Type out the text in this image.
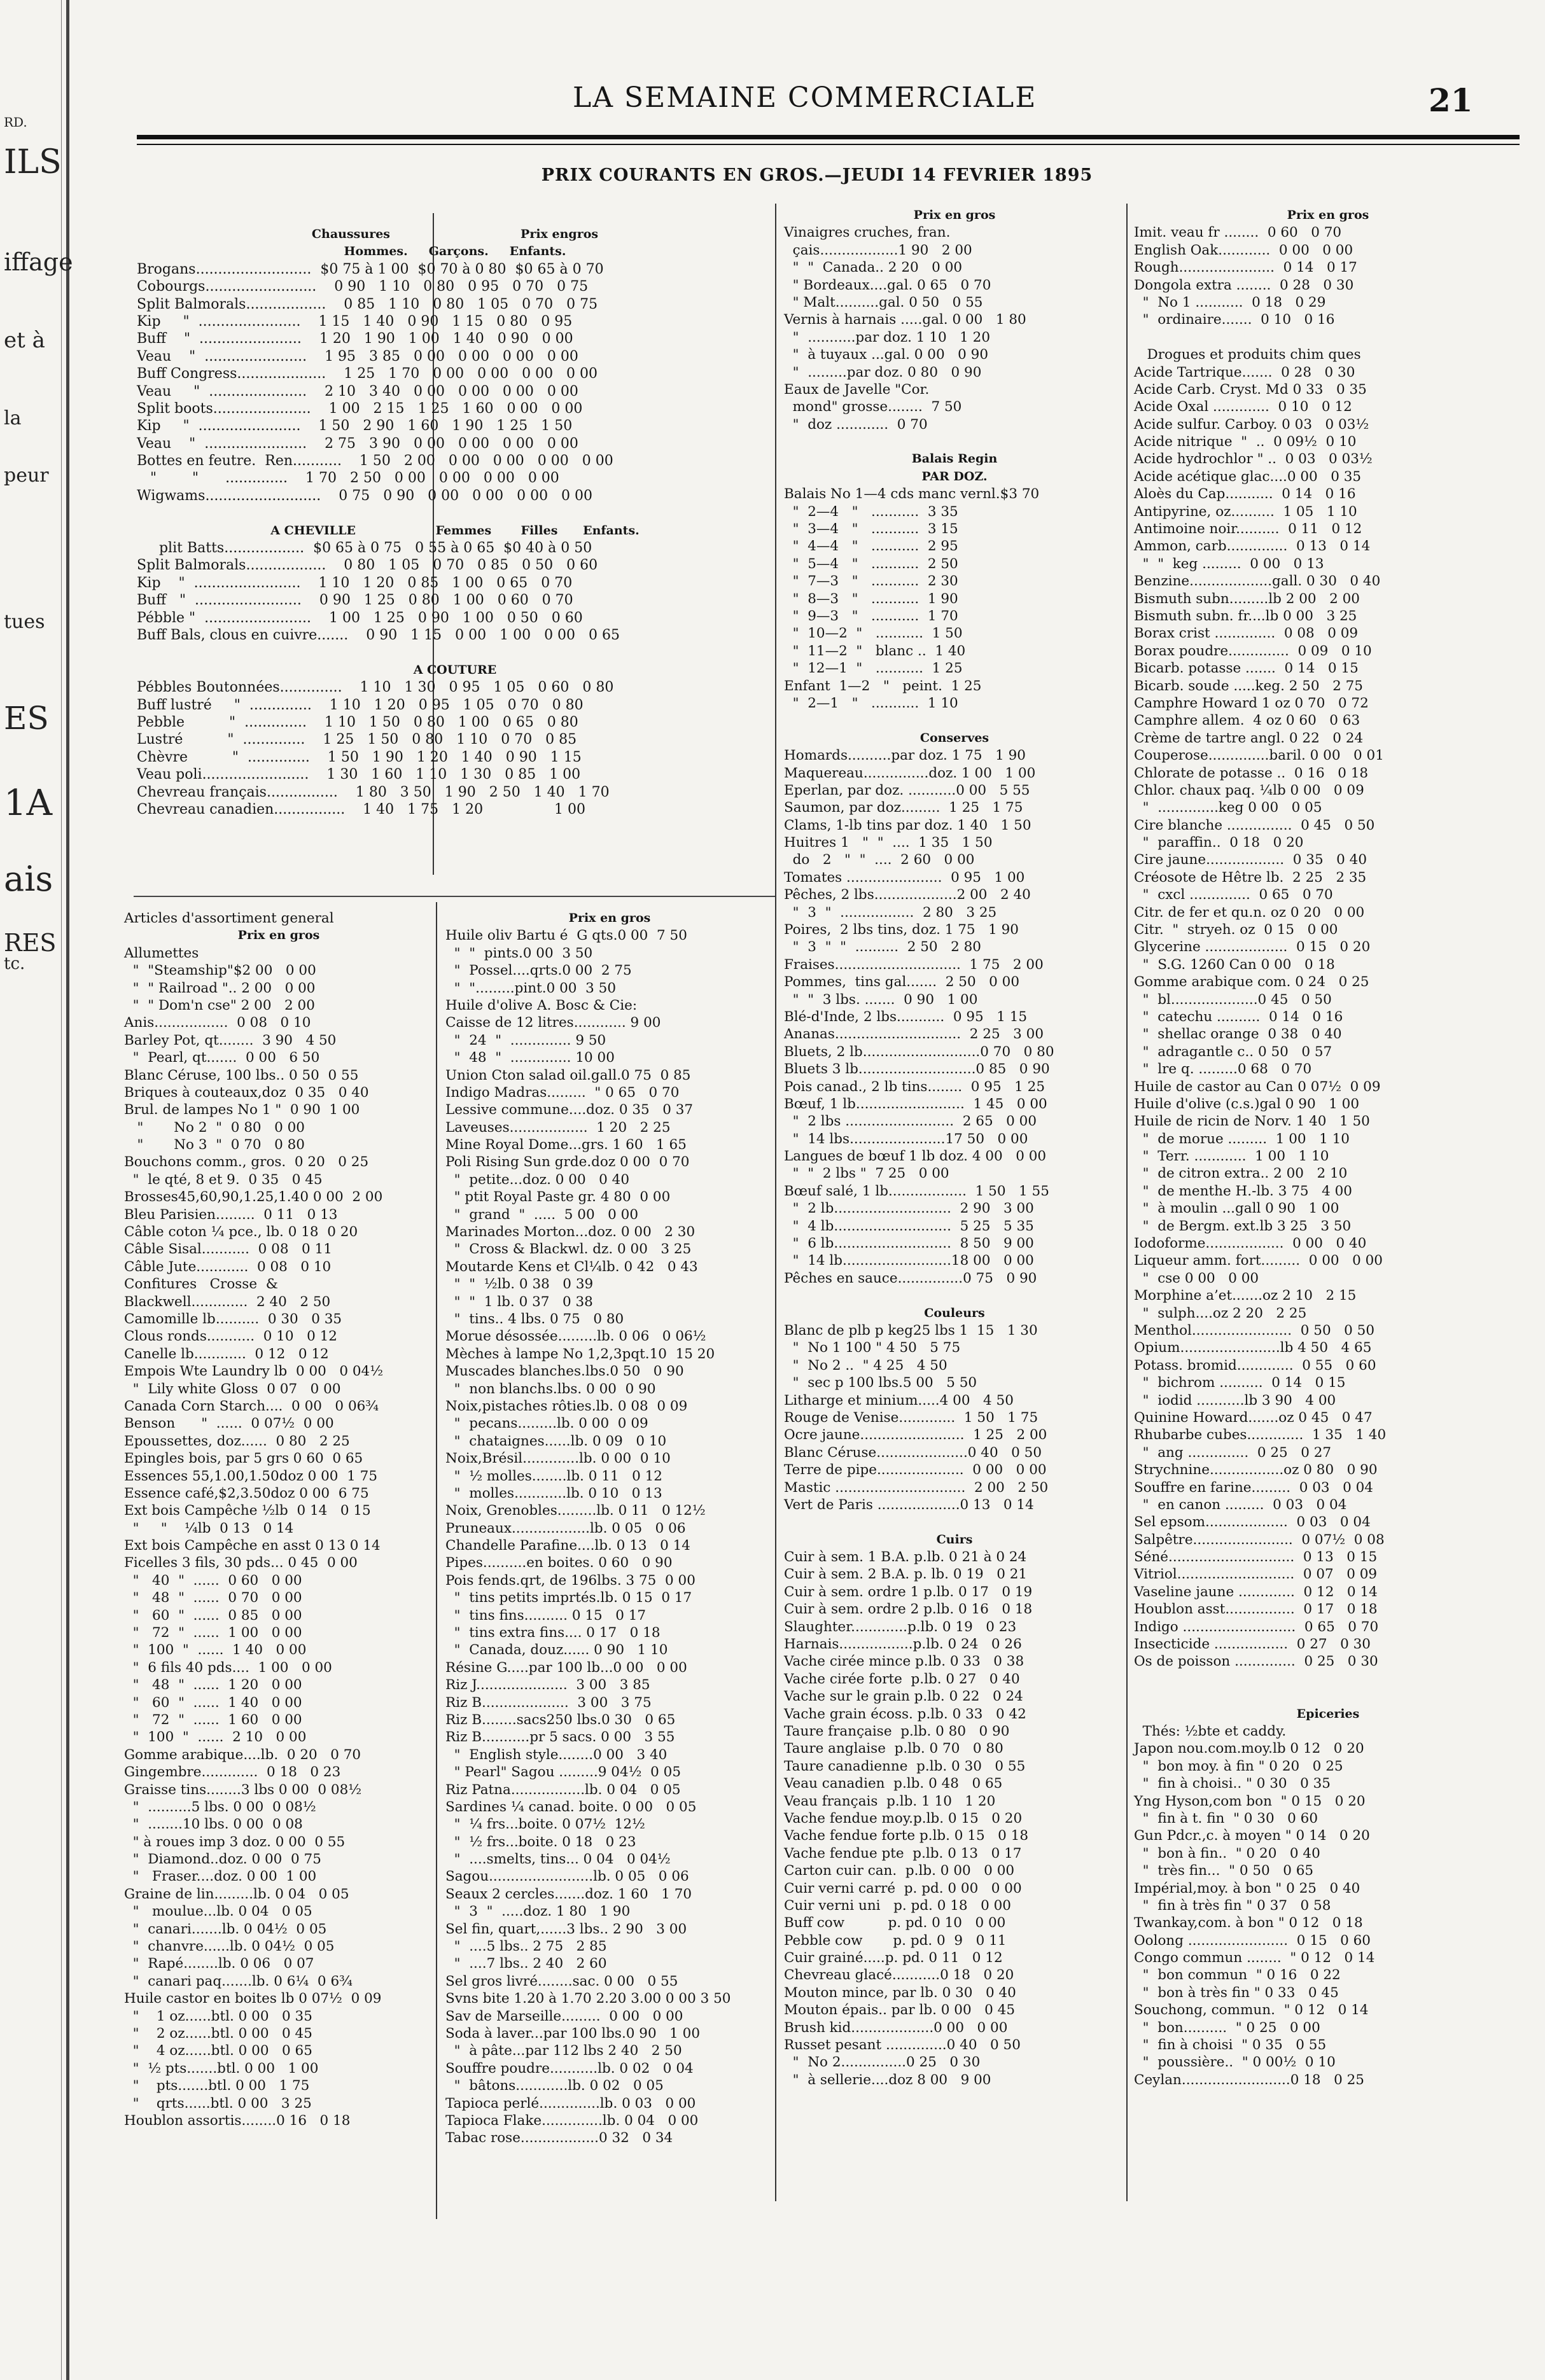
RD.
ILS
iffage
et à
la
peur
tues
ES
1A
ais
RES
tc.
LA SEMAINE COMMERCIALE	21
PRIX COURANTS EN GROS.—JEUDI 14 FEVRIER 1895
Chaussures                               Prix engros
Hommes.     Garçons.     Enfants.
Brogans..........................  $0 75 à 1 00  $0 70 à 0 80  $0 65 à 0 70
Cobourgs.........................    0 90   1 10   0 80   0 95   0 70   0 75
Split Balmorals..................    0 85   1 10   0 80   1 05   0 70   0 75
Kip     "  .......................    1 15   1 40   0 90   1 15   0 80   0 95
Buff    "  .......................    1 20   1 90   1 00   1 40   0 90   0 00
Veau    "  .......................    1 95   3 85   0 00   0 00   0 00   0 00
Buff Congress....................    1 25   1 70   0 00   0 00   0 00   0 00
Veau     "  ......................    2 10   3 40   0 00   0 00   0 00   0 00
Split boots......................    1 00   2 15   1 25   1 60   0 00   0 00
Kip     "  .......................    1 50   2 90   1 60   1 90   1 25   1 50
Veau    "  .......................    2 75   3 90   0 00   0 00   0 00   0 00
Bottes en feutre.  Ren...........    1 50   2 00   0 00   0 00   0 00   0 00
"        "      ..............    1 70   2 50   0 00   0 00   0 00   0 00
Wigwams..........................    0 75   0 90   0 00   0 00   0 00   0 00
A CHEVILLE                   Femmes       Filles      Enfants.
plit Batts..................  $0 65 à 0 75   0 55 à 0 65  $0 40 à 0 50
Split Balmorals..................    0 80   1 05   0 70   0 85   0 50   0 60
Kip    "  ........................    1 10   1 20   0 85   1 00   0 65   0 70
Buff   "  ........................    0 90   1 25   0 80   1 00   0 60   0 70
Pébble "  ........................    1 00   1 25   0 90   1 00   0 50   0 60
Buff Bals, clous en cuivre.......    0 90   1 15   0 00   1 00   0 00   0 65
A COUTURE
Pébbles Boutonnées..............    1 10   1 30   0 95   1 05   0 60   0 80
Buff lustré     "  ..............    1 10   1 20   0 95   1 05   0 70   0 80
Pebble          "  ..............    1 10   1 50   0 80   1 00   0 65   0 80
Lustré          "  ..............    1 25   1 50   0 80   1 10   0 70   0 85
Chèvre          "  ..............    1 50   1 90   1 20   1 40   0 90   1 15
Veau poli........................    1 30   1 60   1 10   1 30   0 85   1 00
Chevreau français................    1 80   3 50   1 90   2 50   1 40   1 70
Chevreau canadien................    1 40   1 75   1 20                1 00
Articles d'assortiment general
Prix en gros
Allumettes
"  "Steamship"$2 00   0 00
"  " Railroad ".. 2 00   0 00
"  " Dom'n cse" 2 00   2 00
Anis.................  0 08   0 10
Barley Pot, qt........  3 90   4 50
"  Pearl, qt.......  0 00   6 50
Blanc Céruse, 100 lbs.. 0 50  0 55
Briques à couteaux,doz  0 35   0 40
Brul. de lampes No 1 "  0 90  1 00
"       No 2  "  0 80   0 00
"       No 3  "  0 70   0 80
Bouchons comm., gros.  0 20   0 25
"  le qté, 8 et 9.  0 35   0 45
Brosses45,60,90,1.25,1.40 0 00  2 00
Bleu Parisien.........  0 11   0 13
Câble coton ¼ pce., lb. 0 18  0 20
Câble Sisal...........  0 08   0 11
Câble Jute............  0 08   0 10
Confitures   Crosse  &
Blackwell.............  2 40   2 50
Camomille lb..........  0 30   0 35
Clous ronds...........  0 10   0 12
Canelle lb............  0 12   0 12
Empois Wte Laundry lb  0 00   0 04½
"  Lily white Gloss  0 07   0 00
Canada Corn Starch....  0 00   0 06¾
Benson      "  ......  0 07½  0 00
Epoussettes, doz......  0 80   2 25
Epingles bois, par 5 grs 0 60  0 65
Essences 55,1.00,1.50doz 0 00  1 75
Essence café,$2,3.50doz 0 00  6 75
Ext bois Campêche ½lb  0 14   0 15
"     "    ¼lb  0 13   0 14
Ext bois Campêche en asst 0 13 0 14
Ficelles 3 fils, 30 pds... 0 45  0 00
"   40  "  ......  0 60   0 00
"   48  "  ......  0 70   0 00
"   60  "  ......  0 85   0 00
"   72  "  ......  1 00   0 00
"  100  "  ......  1 40   0 00
"  6 fils 40 pds....  1 00   0 00
"   48  "  ......  1 20   0 00
"   60  "  ......  1 40   0 00
"   72  "  ......  1 60   0 00
"  100  "  ......  2 10   0 00
Gomme arabique....lb.  0 20   0 70
Gingembre.............  0 18   0 23
Graisse tins........3 lbs 0 00  0 08½
"  ..........5 lbs. 0 00  0 08½
"  ........10 lbs. 0 00  0 08
" à roues imp 3 doz. 0 00  0 55
"  Diamond..doz. 0 00  0 75
"   Fraser....doz. 0 00  1 00
Graine de lin.........lb. 0 04   0 05
"   moulue...lb. 0 04   0 05
"  canari.......lb. 0 04½  0 05
"  chanvre......lb. 0 04½  0 05
"  Rapé........lb. 0 06   0 07
"  canari paq.......lb. 0 6¼  0 6¾
Huile castor en boites lb 0 07½  0 09
"    1 oz......btl. 0 00   0 35
"    2 oz......btl. 0 00   0 45
"    4 oz......btl. 0 00   0 65
"  ½ pts.......btl. 0 00   1 00
"    pts.......btl. 0 00   1 75
"    qrts......btl. 0 00   3 25
Houblon assortis........0 16   0 18
Prix en gros
Huile oliv Bartu é  G qts.0 00  7 50
"  "  pints.0 00  3 50
"  Possel....qrts.0 00  2 75
"  ".........pint.0 00  3 50
Huile d'olive A. Bosc & Cie:
Caisse de 12 litres............ 9 00
"  24  "  .............. 9 50
"  48  "  .............. 10 00
Union Cton salad oil.gall.0 75  0 85
Indigo Madras.........  " 0 65   0 70
Lessive commune....doz. 0 35   0 37
Laveuses..................  1 20   2 25
Mine Royal Dome...grs. 1 60   1 65
Poli Rising Sun grde.doz 0 00  0 70
"  petite...doz. 0 00   0 40
" ptit Royal Paste gr. 4 80  0 00
"  grand  "  .....  5 00   0 00
Marinades Morton...doz. 0 00   2 30
"  Cross & Blackwl. dz. 0 00   3 25
Moutarde Kens et Cl¼lb. 0 42   0 43
"  "  ½lb. 0 38   0 39
"  "  1 lb. 0 37   0 38
"  tins.. 4 lbs. 0 75   0 80
Morue désossée.........lb. 0 06   0 06½
Mèches à lampe No 1,2,3pqt.10  15 20
Muscades blanches.lbs.0 50   0 90
"  non blanchs.lbs. 0 00  0 90
Noix,pistaches rôties.lb. 0 08  0 09
"  pecans.........lb. 0 00  0 09
"  chataignes......lb. 0 09   0 10
Noix,Brésil.............lb. 0 00  0 10
"  ½ molles........lb. 0 11   0 12
"  molles............lb. 0 10   0 13
Noix, Grenobles.........lb. 0 11   0 12½
Pruneaux..................lb. 0 05   0 06
Chandelle Parafine....lb. 0 13   0 14
Pipes..........en boites. 0 60   0 90
Pois fends.qrt, de 196lbs. 3 75  0 00
"  tins petits imprtés.lb. 0 15  0 17
"  tins fins.......... 0 15   0 17
"  tins extra fins.... 0 17   0 18
"  Canada, douz...... 0 90   1 10
Résine G.....par 100 lb...0 00   0 00
Riz J.....................  3 00   3 85
Riz B....................  3 00   3 75
Riz B........sacs250 lbs.0 30   0 65
Riz B...........pr 5 sacs. 0 00   3 55
"  English style........0 00   3 40
" Pearl" Sagou .........9 04½  0 05
Riz Patna.................lb. 0 04   0 05
Sardines ¼ canad. boite. 0 00   0 05
"  ¼ frs...boite. 0 07½  12½
"  ½ frs...boite. 0 18   0 23
"  ....smelts, tins... 0 04   0 04½
Sagou........................lb. 0 05   0 06
Seaux 2 cercles.......doz. 1 60   1 70
"  3  "  .....doz. 1 80   1 90
Sel fin, quart,......3 lbs.. 2 90   3 00
"  ....5 lbs.. 2 75   2 85
"  ....7 lbs.. 2 40   2 60
Sel gros livré........sac. 0 00   0 55
Svns bite 1.20 à 1.70 2.20 3.00 0 00 3 50
Sav de Marseille.........  0 00   0 00
Soda à laver...par 100 lbs.0 90   1 00
"  à pâte...par 112 lbs 2 40   2 50
Souffre poudre...........lb. 0 02   0 04
"  bâtons............lb. 0 02   0 05
Tapioca perlé..............lb. 0 03   0 00
Tapioca Flake..............lb. 0 04   0 00
Tabac rose..................0 32   0 34
Prix en gros
Vinaigres cruches, fran.
çais..................1 90   2 00
"  "  Canada.. 2 20   0 00
" Bordeaux....gal. 0 65   0 70
" Malt..........gal. 0 50   0 55
Vernis à harnais .....gal. 0 00   1 80
"  ...........par doz. 1 10   1 20
"  à tuyaux ...gal. 0 00   0 90
"  .........par doz. 0 80   0 90
Eaux de Javelle "Cor.
mond" grosse........  7 50
"  doz ............  0 70
Balais Regin
PAR DOZ.
Balais No 1—4 cds manc vernl.$3 70
"  2—4   "   ...........  3 35
"  3—4   "   ...........  3 15
"  4—4   "   ...........  2 95
"  5—4   "   ...........  2 50
"  7—3   "   ...........  2 30
"  8—3   "   ...........  1 90
"  9—3   "   ...........  1 70
"  10—2  "   ...........  1 50
"  11—2  "   blanc ..  1 40
"  12—1  "   ...........  1 25
Enfant  1—2   "   peint.  1 25
"  2—1   "   ...........  1 10
Conserves
Homards..........par doz. 1 75   1 90
Maquereau...............doz. 1 00   1 00
Eperlan, par doz. ...........0 00   5 55
Saumon, par doz.........  1 25   1 75
Clams, 1-lb tins par doz. 1 40   1 50
Huitres 1   "  "  ....  1 35   1 50
do   2   "  "  ....  2 60   0 00
Tomates ......................  0 95   1 00
Pêches, 2 lbs...................2 00   2 40
"  3  "  .................  2 80   3 25
Poires,  2 lbs tins, doz. 1 75   1 90
"  3  "  "  ..........  2 50   2 80
Fraises.............................  1 75   2 00
Pommes,  tins gal.......  2 50   0 00
"  "  3 lbs. .......  0 90   1 00
Blé-d'Inde, 2 lbs...........  0 95   1 15
Ananas.............................  2 25   3 00
Bluets, 2 lb...........................0 70   0 80
Bluets 3 lb...........................0 85   0 90
Pois canad., 2 lb tins........  0 95   1 25
Bœuf, 1 lb.........................  1 45   0 00
"  2 lbs .........................  2 65   0 00
"  14 lbs......................17 50   0 00
Langues de bœuf 1 lb doz. 4 00   0 00
"  "  2 lbs "  7 25   0 00
Bœuf salé, 1 lb..................  1 50   1 55
"  2 lb...........................  2 90   3 00
"  4 lb...........................  5 25   5 35
"  6 lb...........................  8 50   9 00
"  14 lb.........................18 00   0 00
Pêches en sauce...............0 75   0 90
Couleurs
Blanc de plb p keg25 lbs 1  15   1 30
"  No 1 100 " 4 50   5 75
"  No 2 ..  " 4 25   4 50
"  sec p 100 lbs.5 00   5 50
Litharge et minium.....4 00   4 50
Rouge de Venise.............  1 50   1 75
Ocre jaune........................  1 25   2 00
Blanc Céruse.....................0 40   0 50
Terre de pipe....................  0 00   0 00
Mastic ..............................  2 00   2 50
Vert de Paris ...................0 13   0 14
Cuirs
Cuir à sem. 1 B.A. p.lb. 0 21 à 0 24
Cuir à sem. 2 B.A. p. lb. 0 19   0 21
Cuir à sem. ordre 1 p.lb. 0 17   0 19
Cuir à sem. ordre 2 p.lb. 0 16   0 18
Slaughter.............p.lb. 0 19   0 23
Harnais.................p.lb. 0 24   0 26
Vache cirée mince p.lb. 0 33   0 38
Vache cirée forte  p.lb. 0 27   0 40
Vache sur le grain p.lb. 0 22   0 24
Vache grain écoss. p.lb. 0 33   0 42
Taure française  p.lb. 0 80   0 90
Taure anglaise  p.lb. 0 70   0 80
Taure canadienne  p.lb. 0 30   0 55
Veau canadien  p.lb. 0 48   0 65
Veau français  p.lb. 1 10   1 20
Vache fendue moy.p.lb. 0 15   0 20
Vache fendue forte p.lb. 0 15   0 18
Vache fendue pte  p.lb. 0 13   0 17
Carton cuir can.  p.lb. 0 00   0 00
Cuir verni carré  p. pd. 0 00   0 00
Cuir verni uni   p. pd. 0 18   0 00
Buff cow          p. pd. 0 10   0 00
Pebble cow       p. pd. 0  9   0 11
Cuir grainé.....p. pd. 0 11   0 12
Chevreau glacé...........0 18   0 20
Mouton mince, par lb. 0 30   0 40
Mouton épais.. par lb. 0 00   0 45
Brush kid...................0 00   0 00
Russet pesant ..............0 40   0 50
"  No 2...............0 25   0 30
"  à sellerie....doz 8 00   9 00
Prix en gros
Imit. veau fr ........  0 60   0 70
English Oak............  0 00   0 00
Rough......................  0 14   0 17
Dongola extra ........  0 28   0 30
"  No 1 ...........  0 18   0 29
"  ordinaire.......  0 10   0 16
Drogues et produits chim ques
Acide Tartrique.......  0 28   0 30
Acide Carb. Cryst. Md 0 33   0 35
Acide Oxal .............  0 10   0 12
Acide sulfur. Carboy. 0 03   0 03½
Acide nitrique  "  ..  0 09½  0 10
Acide hydrochlor " ..  0 03   0 03½
Acide acétique glac....0 00   0 35
Aloès du Cap...........  0 14   0 16
Antipyrine, oz..........  1 05   1 10
Antimoine noir..........  0 11   0 12
Ammon, carb..............  0 13   0 14
"  "  keg .........  0 00   0 13
Benzine...................gall. 0 30   0 40
Bismuth subn.........lb 2 00   2 00
Bismuth subn. fr....lb 0 00   3 25
Borax crist ..............  0 08   0 09
Borax poudre..............  0 09   0 10
Bicarb. potasse .......  0 14   0 15
Bicarb. soude .....keg. 2 50   2 75
Camphre Howard 1 oz 0 70   0 72
Camphre allem.  4 oz 0 60   0 63
Crème de tartre angl. 0 22   0 24
Couperose..............baril. 0 00   0 01
Chlorate de potasse ..  0 16   0 18
Chlor. chaux paq. ¼lb 0 00   0 09
"  ..............keg 0 00   0 05
Cire blanche ...............  0 45   0 50
"  paraffin..  0 18   0 20
Cire jaune..................  0 35   0 40
Créosote de Hêtre lb.  2 25   2 35
"  cxcl ..............  0 65   0 70
Citr. de fer et qu.n. oz 0 20   0 00
Citr.  "  stryeh. oz  0 15   0 00
Glycerine ...................  0 15   0 20
"  S.G. 1260 Can 0 00   0 18
Gomme arabique com. 0 24   0 25
"  bl....................0 45   0 50
"  catechu ..........  0 14   0 16
"  shellac orange  0 38   0 40
"  adragantle c.. 0 50   0 57
"  lre q. .........0 68   0 70
Huile de castor au Can 0 07½  0 09
Huile d'olive (c.s.)gal 0 90   1 00
Huile de ricin de Norv. 1 40   1 50
"  de morue .........  1 00   1 10
"  Terr. ............  1 00   1 10
"  de citron extra.. 2 00   2 10
"  de menthe H.-lb. 3 75   4 00
"  à moulin ...gall 0 90   1 00
"  de Bergm. ext.lb 3 25   3 50
Iodoforme..................  0 00   0 40
Liqueur amm. fort.........  0 00   0 00
"  cse 0 00   0 00
Morphine a’et.......oz 2 10   2 15
"  sulph....oz 2 20   2 25
Menthol.......................  0 50   0 50
Opium.......................lb 4 50   4 65
Potass. bromid.............  0 55   0 60
"  bichrom ..........  0 14   0 15
"  iodid ...........lb 3 90   4 00
Quinine Howard.......oz 0 45   0 47
Rhubarbe cubes.............  1 35   1 40
"  ang ..............  0 25   0 27
Strychnine.................oz 0 80   0 90
Souffre en farine.........  0 03   0 04
"  en canon .........  0 03   0 04
Sel epsom...................  0 03   0 04
Salpêtre.......................  0 07½  0 08
Séné.............................  0 13   0 15
Vitriol...........................  0 07   0 09
Vaseline jaune .............  0 12   0 14
Houblon asst................  0 17   0 18
Indigo ..........................  0 65   0 70
Insecticide .................  0 27   0 30
Os de poisson ..............  0 25   0 30
Epiceries
Thés: ½bte et caddy.
Japon nou.com.moy.lb 0 12   0 20
"  bon moy. à fin " 0 20   0 25
"  fin à choisi.. " 0 30   0 35
Yng Hyson,com bon  " 0 15   0 20
"  fin à t. fin  " 0 30   0 60
Gun Pdcr.,c. à moyen " 0 14   0 20
"  bon à fin..  " 0 20   0 40
"  très fin...  " 0 50   0 65
Impérial,moy. à bon " 0 25   0 40
"  fin à très fin " 0 37   0 58
Twankay,com. à bon " 0 12   0 18
Oolong .......................  0 15   0 60
Congo commun ........  " 0 12   0 14
"  bon commun  " 0 16   0 22
"  bon à très fin " 0 33   0 45
Souchong, commun.  " 0 12   0 14
"  bon..........  " 0 25   0 00
"  fin à choisi  " 0 35   0 55
"  poussière..  " 0 00½  0 10
Ceylan.........................0 18   0 25
